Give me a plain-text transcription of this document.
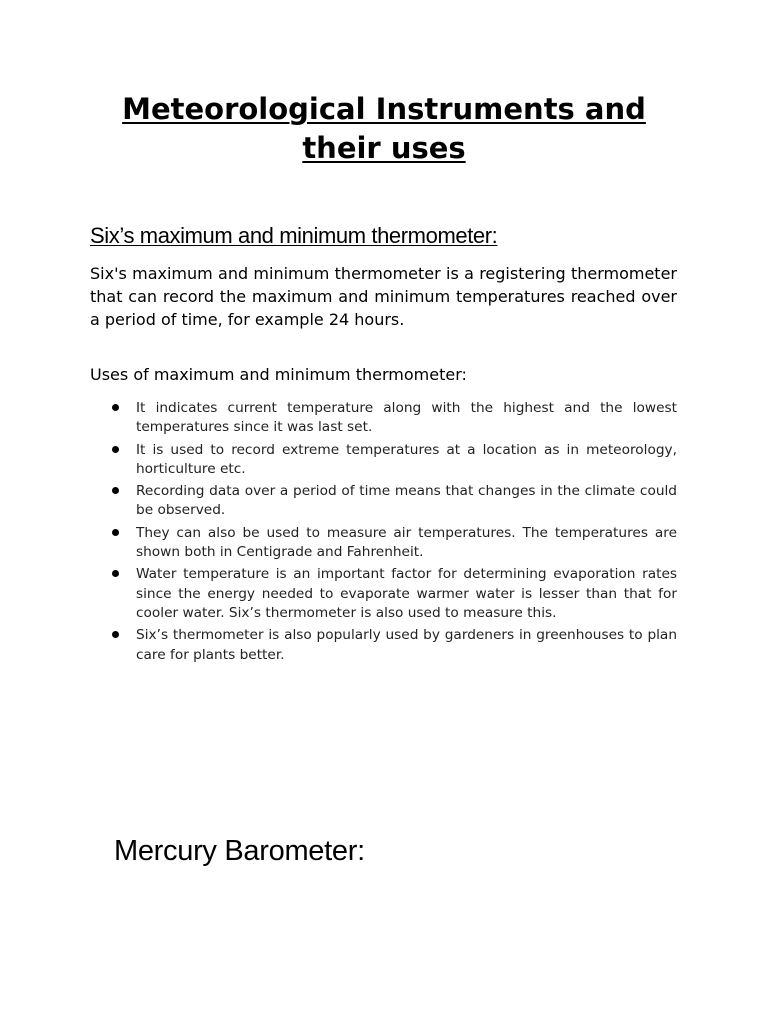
Meteorological Instruments and their uses
Six’s maximum and minimum thermometer:

Six's maximum and minimum thermometer is a registering thermometer that can record the maximum and minimum temperatures reached over a period of time, for example 24 hours.

Uses of maximum and minimum thermometer:

It indicates current temperature along with the highest and the lowest temperatures since it was last set.
It is used to record extreme temperatures at a location as in meteorology, horticulture etc.
Recording data over a period of time means that changes in the climate could be observed.
They can also be used to measure air temperatures. The temperatures are shown both in Centigrade and Fahrenheit.
Water temperature is an important factor for determining evaporation rates since the energy needed to evaporate warmer water is lesser than that for cooler water. Six’s thermometer is also used to measure this.
Six’s thermometer is also popularly used by gardeners in greenhouses to plan care for plants better.
Mercury Barometer:
